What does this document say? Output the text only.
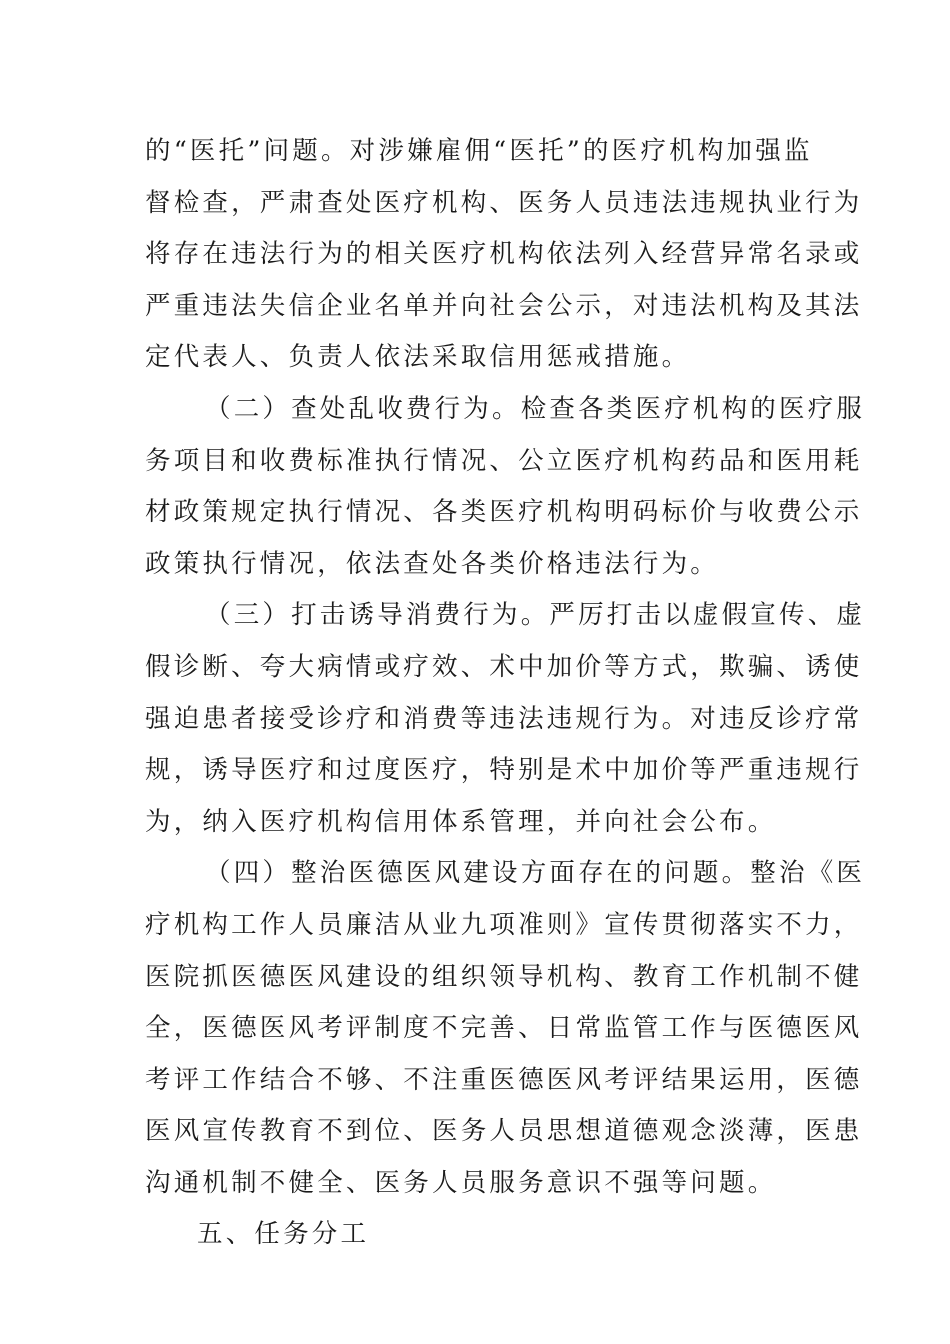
的“医托”问题。对涉嫌雇佣“医托”的医疗机构加强监
督检查，严肃查处医疗机构、医务人员违法违规执业行为
将存在违法行为的相关医疗机构依法列入经营异常名录或
严重违法失信企业名单并向社会公示，对违法机构及其法
定代表人、负责人依法采取信用惩戒措施。
（二）查处乱收费行为。检查各类医疗机构的医疗服
务项目和收费标准执行情况、公立医疗机构药品和医用耗
材政策规定执行情况、各类医疗机构明码标价与收费公示
政策执行情况，依法查处各类价格违法行为。
（三）打击诱导消费行为。严厉打击以虚假宣传、虚
假诊断、夸大病情或疗效、术中加价等方式，欺骗、诱使
强迫患者接受诊疗和消费等违法违规行为。对违反诊疗常
规，诱导医疗和过度医疗，特别是术中加价等严重违规行
为，纳入医疗机构信用体系管理，并向社会公布。
（四）整治医德医风建设方面存在的问题。整治《医
疗机构工作人员廉洁从业九项准则》宣传贯彻落实不力，
医院抓医德医风建设的组织领导机构、教育工作机制不健
全，医德医风考评制度不完善、日常监管工作与医德医风
考评工作结合不够、不注重医德医风考评结果运用，医德
医风宣传教育不到位、医务人员思想道德观念淡薄，医患
沟通机制不健全、医务人员服务意识不强等问题。
五、任务分工
